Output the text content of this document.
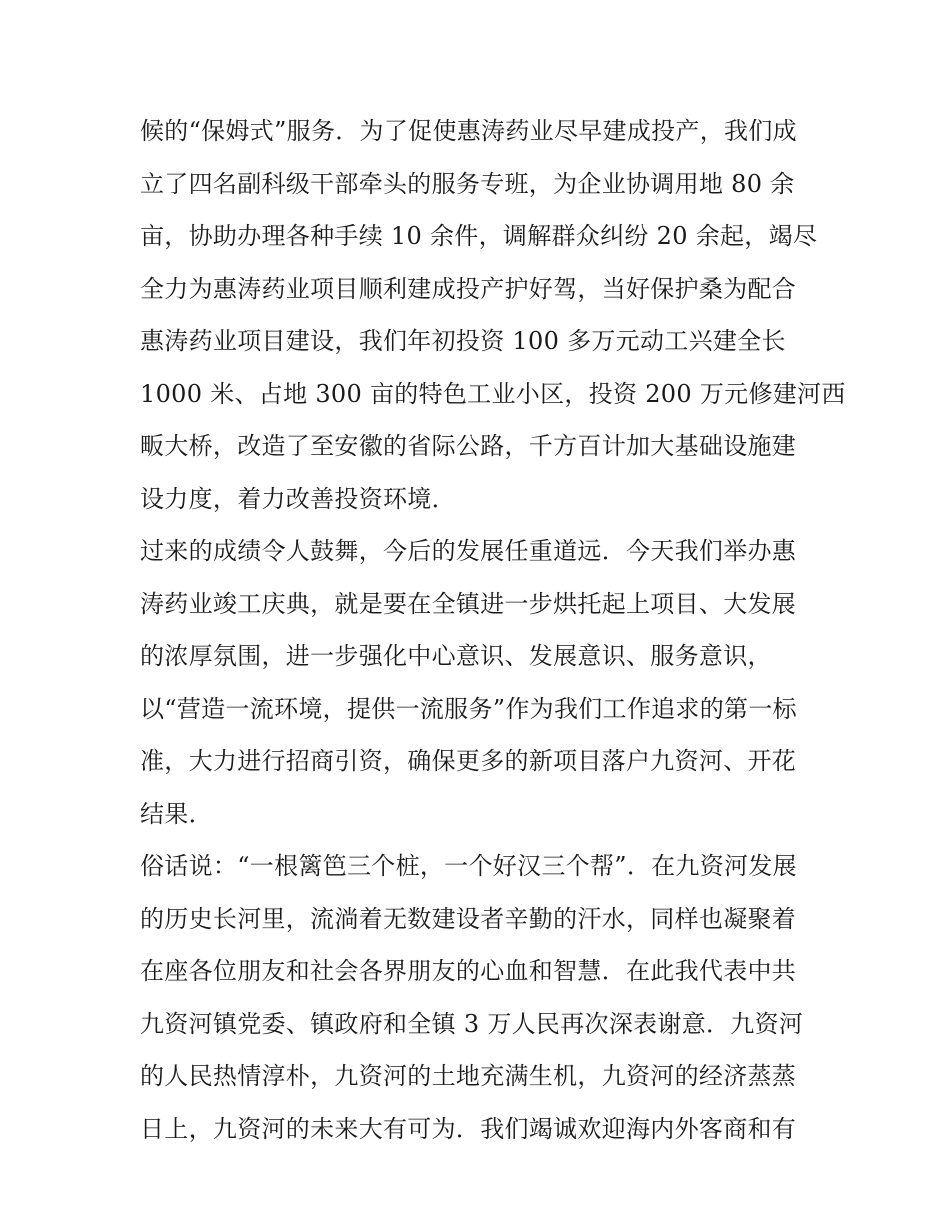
候的“保姆式”服务．为了促使惠涛药业尽早建成投产，我们成
立了四名副科级干部牵头的服务专班，为企业协调用地 80 余
亩，协助办理各种手续 10 余件，调解群众纠纷 20 余起，竭尽
全力为惠涛药业项目顺利建成投产护好驾，当好保护桑为配合
惠涛药业项目建设，我们年初投资 100 多万元动工兴建全长
1000 米、占地 300 亩的特色工业小区，投资 200 万元修建河西
畈大桥，改造了至安徽的省际公路，千方百计加大基础设施建
设力度，着力改善投资环境．
过来的成绩令人鼓舞，今后的发展任重道远．今天我们举办惠
涛药业竣工庆典，就是要在全镇进一步烘托起上项目、大发展
的浓厚氛围，进一步强化中心意识、发展意识、服务意识，
以“营造一流环境，提供一流服务”作为我们工作追求的第一标
准，大力进行招商引资，确保更多的新项目落户九资河、开花
结果．
俗话说：“一根篱笆三个桩，一个好汉三个帮”．在九资河发展
的历史长河里，流淌着无数建设者辛勤的汗水，同样也凝聚着
在座各位朋友和社会各界朋友的心血和智慧．在此我代表中共
九资河镇党委、镇政府和全镇 3 万人民再次深表谢意．九资河
的人民热情淳朴，九资河的土地充满生机，九资河的经济蒸蒸
日上，九资河的未来大有可为．我们竭诚欢迎海内外客商和有
